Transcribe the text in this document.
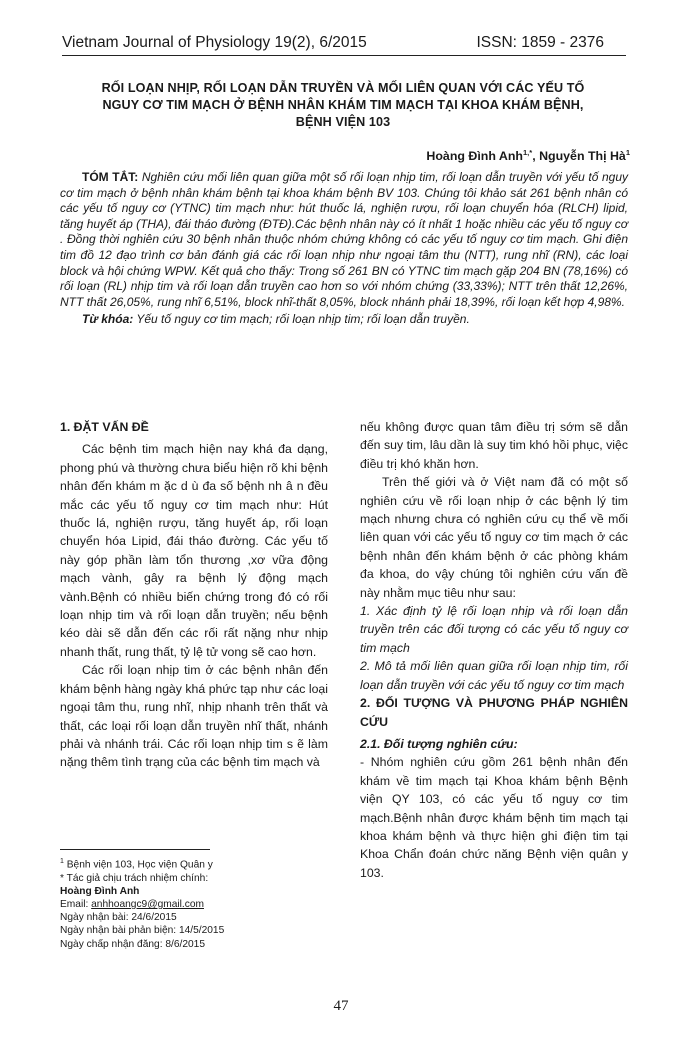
Vietnam Journal of Physiology 19(2), 6/2015	ISSN: 1859 - 2376
RỐI LOẠN NHỊP, RỐI LOẠN DẪN TRUYỀN VÀ MỐI LIÊN QUAN VỚI CÁC YẾU TỐ
NGUY CƠ TIM MẠCH Ở BỆNH NHÂN KHÁM TIM MẠCH TẠI KHOA KHÁM BỆNH,
BỆNH VIỆN 103
Hoàng Đình Anh$^{1,*}$, Nguyễn Thị $Hà^1$

TÓM TẮT: Nghiên cứu mối liên quan giữa một số rối loạn nhịp tim, rối loạn dẫn truyền với yếu tố nguy cơ tim mạch ở bệnh nhân khám bệnh tại khoa khám bệnh BV 103. Chúng tôi khảo sát 261 bệnh nhân có các yếu tố nguy cơ (YTNC) tim mạch như: hút thuốc lá, nghiện rượu, rối loạn chuyển hóa (RLCH) lipid, tăng huyết áp (THA), đái tháo đường (ĐTĐ).Các bệnh nhân này có ít nhất 1 hoặc nhiều các yếu tố nguy cơ . Đồng thời nghiên cứu 30 bệnh nhân thuộc nhóm chứng không có các yếu tố nguy cơ tim mạch. Ghi điện tim đồ 12 đạo trình cơ bản đánh giá các rối loạn nhịp như ngoại tâm thu (NTT), rung nhĩ (RN), các loại block và hội chứng WPW. Kết quả cho thấy: Trong số 261 BN có YTNC tim mạch gặp 204 BN (78,16%) có rối loạn (RL) nhịp tim và rối loạn dẫn truyền cao hơn so với nhóm chứng (33,33%); NTT trên thất 12,26%, NTT thất 26,05%, rung nhĩ 6,51%, block nhĩ-thất 8,05%, block nhánh phải 18,39%, rối loạn kết hợp 4,98%.

Từ khóa: Yếu tố nguy cơ tim mạch; rối loạn nhịp tim; rối loạn dẫn truyền.

1. ĐẶT VẤN ĐỀ

Các bệnh tim mạch hiện nay khá đa dạng, phong phú và thường chưa biểu hiện rõ khi bệnh nhân đến khám m ặc d ù đa số bệnh nh â n đều mắc các yếu tố nguy cơ tim mạch như: Hút thuốc lá, nghiện rượu, tăng huyết áp, rối loạn chuyển hóa Lipid, đái tháo đường. Các yếu tố này góp phần làm tổn thương ,xơ vữa động mạch vành, gây ra bệnh lý động mạch vành.Bệnh có nhiều biến chứng trong đó có rối loạn nhịp tim và rối loạn dẫn truyền; nếu bệnh kéo dài sẽ dẫn đến các rối rất nặng như nhịp nhanh thất, rung thất, tỷ lệ tử vong sẽ cao hơn.

Các rối loạn nhịp tim ở các bệnh nhân đến khám bệnh hàng ngày khá phức tạp như các loại ngoại tâm thu, rung nhĩ, nhịp nhanh trên thất và thất, các loại rối loạn dẫn truyền nhĩ thất, nhánh phải và nhánh trái. Các rối loạn nhịp tim s ẽ làm nặng thêm tình trạng của các bệnh tim mạch và

nếu không được quan tâm điều trị sớm sẽ dẫn đến suy tim, lâu dần là suy tim khó hồi phục, việc điều trị khó khăn hơn.

Trên thế giới và ở Việt nam đã có một số nghiên cứu về rối loạn nhịp ở các bệnh lý tim mạch nhưng chưa có nghiên cứu cụ thể về mối liên quan với các yếu tố nguy cơ tim mạch ở các bệnh nhân đến khám bệnh ở các phòng khám đa khoa, do vậy chúng tôi nghiên cứu vấn đề này nhằm mục tiêu như sau:

1. Xác định tỷ lệ rối loạn nhịp và rối loạn dẫn truyền trên các đối tượng có các yếu tố nguy cơ tim mạch

2. Mô tả mối liên quan giữa rối loạn nhịp tim, rối loạn dẫn truyền với các yếu tố nguy cơ tim mạch

2. ĐỐI TƯỢNG VÀ PHƯƠNG PHÁP NGHIÊN CỨU

2.1. Đối tượng nghiên cứu:

- Nhóm nghiên cứu gồm 261 bệnh nhân đến khám về tim mạch tại Khoa khám bệnh Bệnh viện QY 103, có các yếu tố nguy cơ tim mạch.Bệnh nhân được khám bệnh tim mạch tại khoa khám bệnh và thực hiện ghi điện tim tại Khoa Chẩn đoán chức năng Bệnh viện quân y 103.

$^1$ Bệnh viện 103, Học viện Quân y
* Tác giả chịu trách nhiệm chính:
Hoàng Đình Anh
Email: anhhoangc9@gmail.com
Ngày nhận bài: 24/6/2015
Ngày nhận bài phản biện: 14/5/2015
Ngày chấp nhận đăng: 8/6/2015
47
